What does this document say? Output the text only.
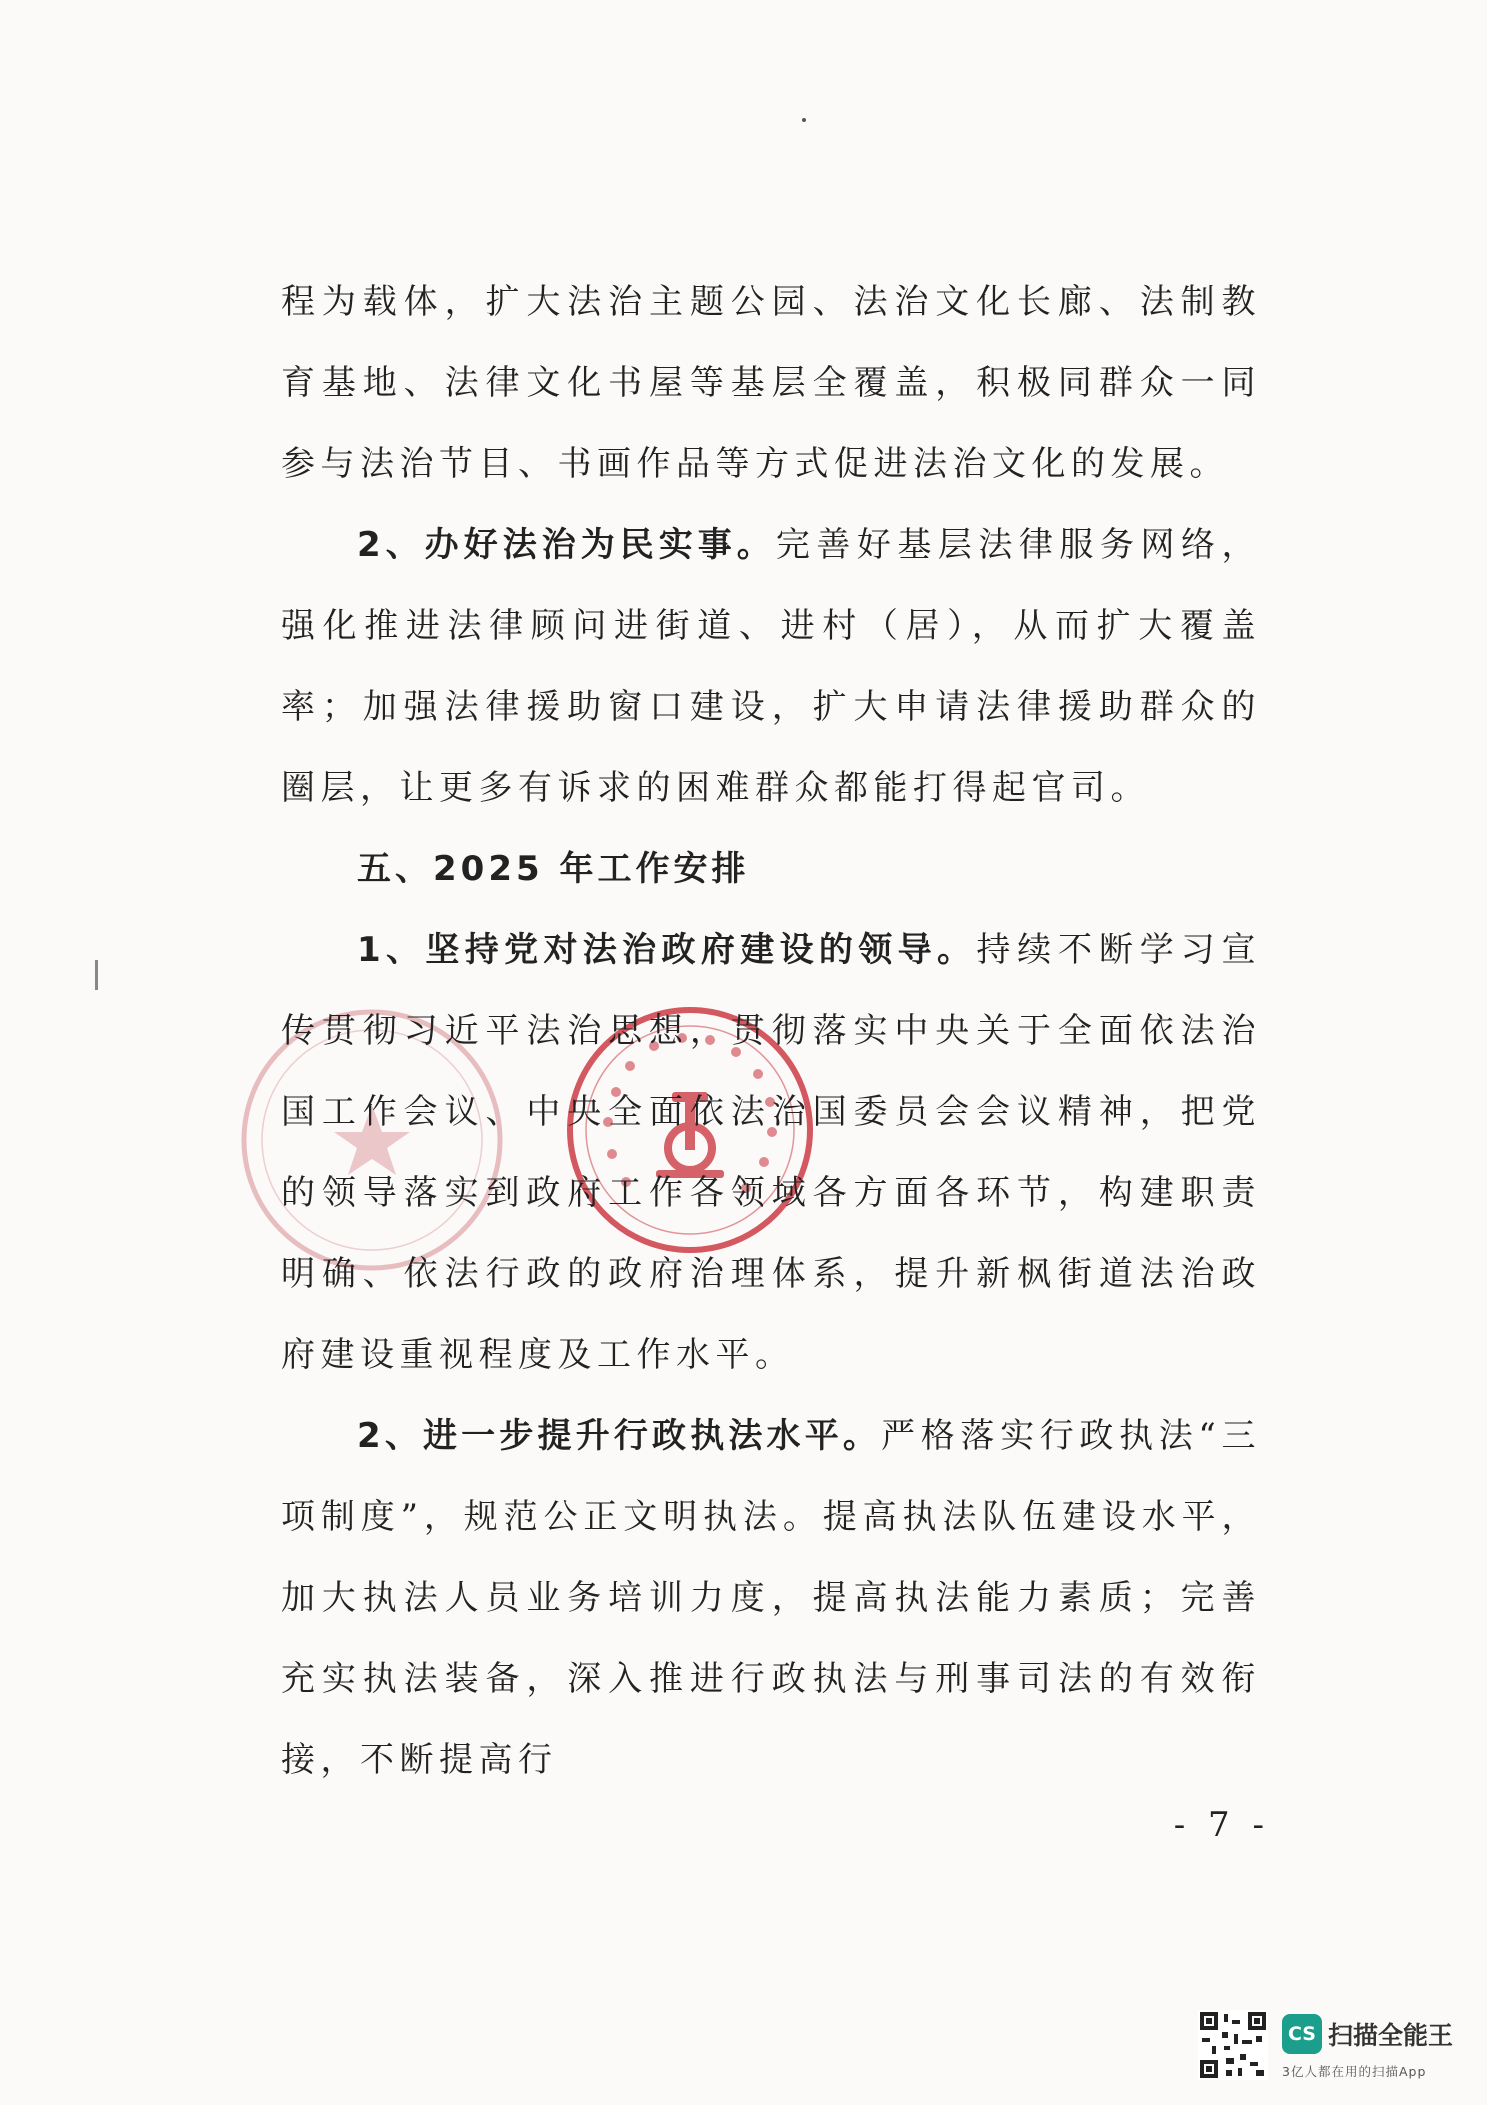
程为载体，扩大法治主题公园、法治文化长廊、法制教育基地、法律文化书屋等基层全覆盖，积极同群众一同参与法治节目、书画作品等方式促进法治文化的发展。

2、办好法治为民实事。完善好基层法律服务网络，强化推进法律顾问进街道、进村（居），从而扩大覆盖率；加强法律援助窗口建设，扩大申请法律援助群众的圈层，让更多有诉求的困难群众都能打得起官司。

五、2025 年工作安排

1、坚持党对法治政府建设的领导。持续不断学习宣传贯彻习近平法治思想，贯彻落实中央关于全面依法治国工作会议、中央全面依法治国委员会会议精神，把党的领导落实到政府工作各领域各方面各环节，构建职责明确、依法行政的政府治理体系，提升新枫街道法治政府建设重视程度及工作水平。

2、进一步提升行政执法水平。严格落实行政执法“三项制度”，规范公正文明执法。提高执法队伍建设水平，加大执法人员业务培训力度，提高执法能力素质；完善充实执法装备，深入推进行政执法与刑事司法的有效衔接，不断提高行

- 7 -
CS 扫描全能王
3亿人都在用的扫描App
